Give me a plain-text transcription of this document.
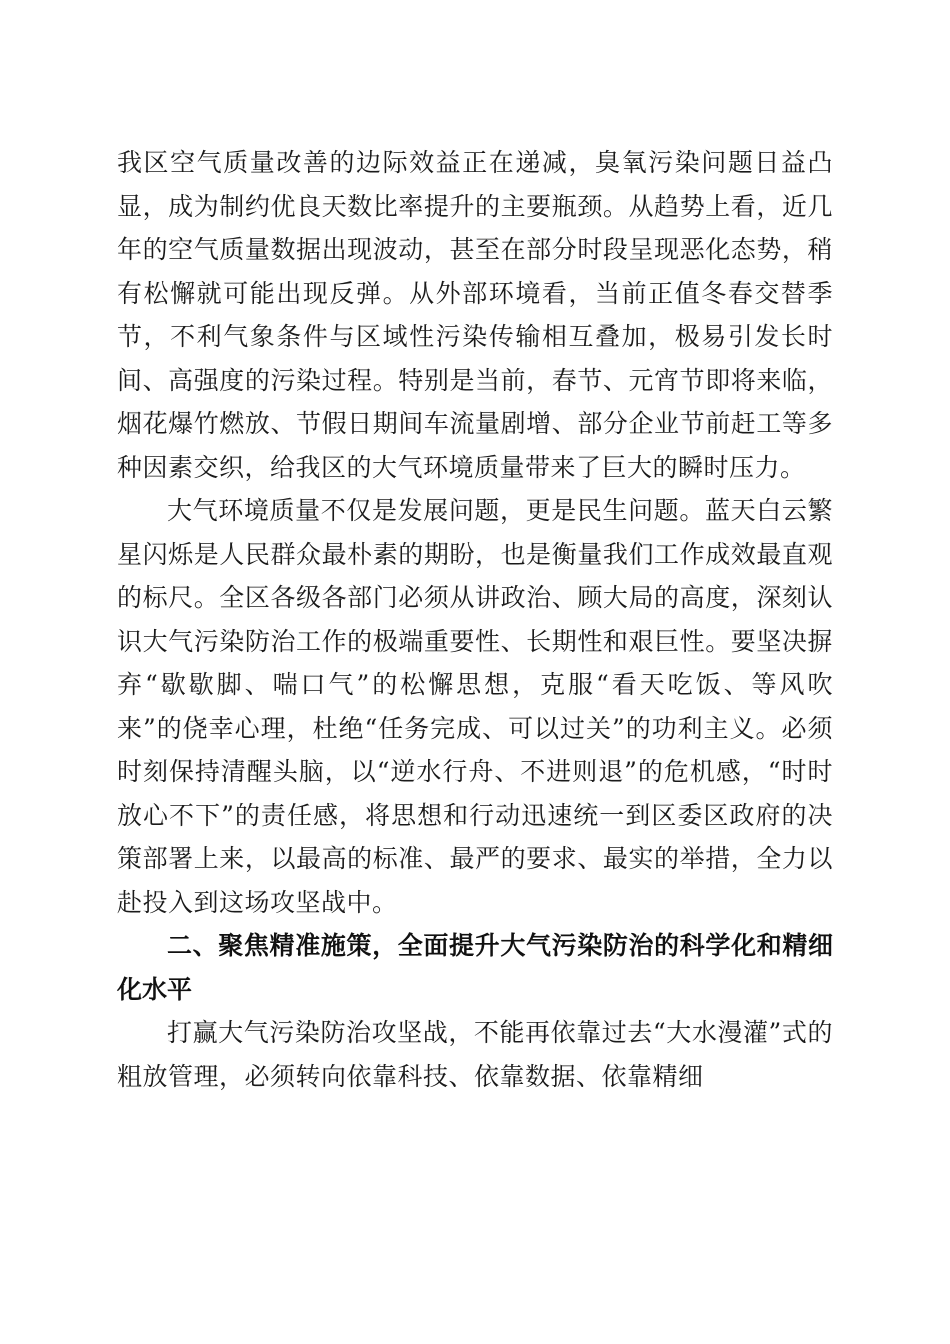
我区空气质量改善的边际效益正在递减，臭氧污染问题日益凸显，成为制约优良天数比率提升的主要瓶颈。从趋势上看，近几年的空气质量数据出现波动，甚至在部分时段呈现恶化态势，稍有松懈就可能出现反弹。从外部环境看，当前正值冬春交替季节，不利气象条件与区域性污染传输相互叠加，极易引发长时间、高强度的污染过程。特别是当前，春节、元宵节即将来临，烟花爆竹燃放、节假日期间车流量剧增、部分企业节前赶工等多种因素交织，给我区的大气环境质量带来了巨大的瞬时压力。

大气环境质量不仅是发展问题，更是民生问题。蓝天白云繁星闪烁是人民群众最朴素的期盼，也是衡量我们工作成效最直观的标尺。全区各级各部门必须从讲政治、顾大局的高度，深刻认识大气污染防治工作的极端重要性、长期性和艰巨性。要坚决摒弃“歇歇脚、喘口气”的松懈思想，克服“看天吃饭、等风吹来”的侥幸心理，杜绝“任务完成、可以过关”的功利主义。必须时刻保持清醒头脑，以“逆水行舟、不进则退”的危机感，“时时放心不下”的责任感，将思想和行动迅速统一到区委区政府的决策部署上来，以最高的标准、最严的要求、最实的举措，全力以赴投入到这场攻坚战中。

二、聚焦精准施策，全面提升大气污染防治的科学化和精细化水平

打赢大气污染防治攻坚战，不能再依靠过去“大水漫灌”式的粗放管理，必须转向依靠科技、依靠数据、依靠精细
